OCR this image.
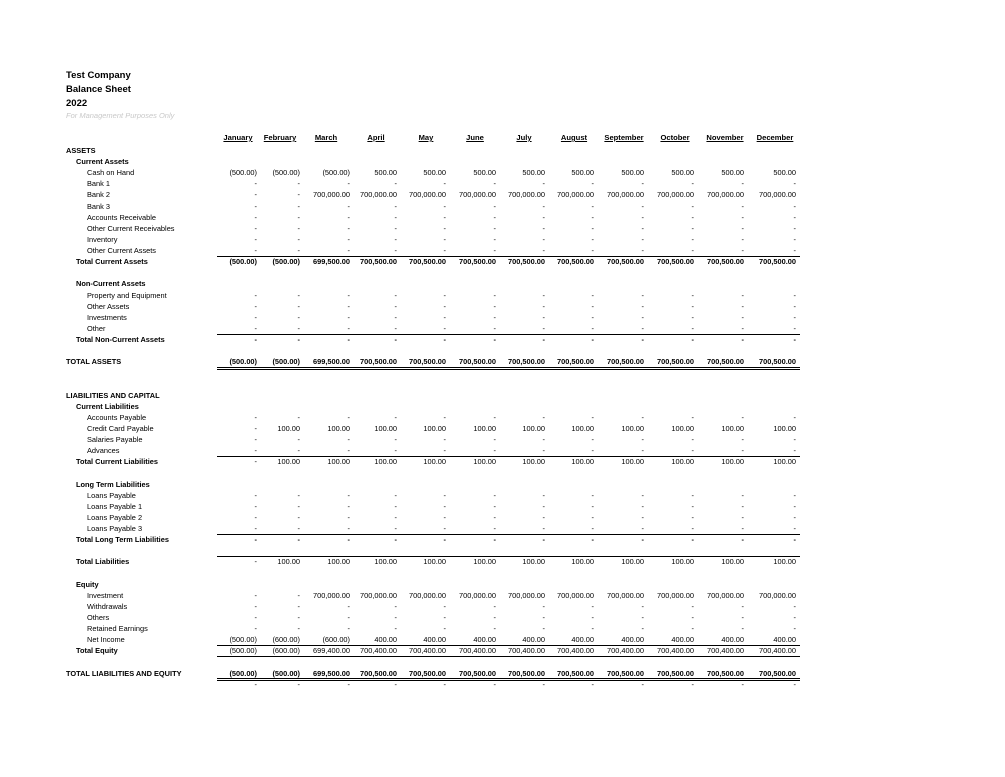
Test Company
Balance Sheet
2022
For Management Purposes Only
January	February	March	April	May	June	July	August	September	October	November	December
ASSETS
Current Assets
Cash on Hand	(500.00)	(500.00)	(500.00)	500.00	500.00	500.00	500.00	500.00	500.00	500.00	500.00	500.00
Bank 1	-	-	-	-	-	-	-	-	-	-	-	-
Bank 2	-	-	700,000.00	700,000.00	700,000.00	700,000.00	700,000.00	700,000.00	700,000.00	700,000.00	700,000.00	700,000.00
Bank 3	-	-	-	-	-	-	-	-	-	-	-	-
Accounts Receivable	-	-	-	-	-	-	-	-	-	-	-	-
Other Current Receivables	-	-	-	-	-	-	-	-	-	-	-	-
Inventory	-	-	-	-	-	-	-	-	-	-	-	-
Other Current Assets	-	-	-	-	-	-	-	-	-	-	-	-
Total Current Assets	(500.00)	(500.00)	699,500.00	700,500.00	700,500.00	700,500.00	700,500.00	700,500.00	700,500.00	700,500.00	700,500.00	700,500.00
Non-Current Assets
Property and Equipment	-	-	-	-	-	-	-	-	-	-	-	-
Other Assets	-	-	-	-	-	-	-	-	-	-	-	-
Investments	-	-	-	-	-	-	-	-	-	-	-	-
Other	-	-	-	-	-	-	-	-	-	-	-	-
Total Non-Current Assets	-	-	-	-	-	-	-	-	-	-	-	-
TOTAL ASSETS	(500.00)	(500.00)	699,500.00	700,500.00	700,500.00	700,500.00	700,500.00	700,500.00	700,500.00	700,500.00	700,500.00	700,500.00
LIABILITIES AND CAPITAL
Current Liabilities
Accounts Payable	-	-	-	-	-	-	-	-	-	-	-	-
Credit Card Payable	-	100.00	100.00	100.00	100.00	100.00	100.00	100.00	100.00	100.00	100.00	100.00
Salaries Payable	-	-	-	-	-	-	-	-	-	-	-	-
Advances	-	-	-	-	-	-	-	-	-	-	-	-
Total Current Liabilities	-	100.00	100.00	100.00	100.00	100.00	100.00	100.00	100.00	100.00	100.00	100.00
Long Term Liabilities
Loans Payable	-	-	-	-	-	-	-	-	-	-	-	-
Loans Payable 1	-	-	-	-	-	-	-	-	-	-	-	-
Loans Payable 2	-	-	-	-	-	-	-	-	-	-	-	-
Loans Payable 3	-	-	-	-	-	-	-	-	-	-	-	-
Total Long Term Liabilities	-	-	-	-	-	-	-	-	-	-	-	-
Total Liabilities	-	100.00	100.00	100.00	100.00	100.00	100.00	100.00	100.00	100.00	100.00	100.00
Equity
Investment	-	-	700,000.00	700,000.00	700,000.00	700,000.00	700,000.00	700,000.00	700,000.00	700,000.00	700,000.00	700,000.00
Withdrawals	-	-	-	-	-	-	-	-	-	-	-	-
Others	-	-	-	-	-	-	-	-	-	-	-	-
Retained Earnings	-	-	-	-	-	-	-	-	-	-	-	-
Net Income	(500.00)	(600.00)	(600.00)	400.00	400.00	400.00	400.00	400.00	400.00	400.00	400.00	400.00
Total Equity	(500.00)	(600.00)	699,400.00	700,400.00	700,400.00	700,400.00	700,400.00	700,400.00	700,400.00	700,400.00	700,400.00	700,400.00
TOTAL LIABILITIES AND EQUITY	(500.00)	(500.00)	699,500.00	700,500.00	700,500.00	700,500.00	700,500.00	700,500.00	700,500.00	700,500.00	700,500.00	700,500.00
-	-	-	-	-	-	-	-	-	-	-	-
